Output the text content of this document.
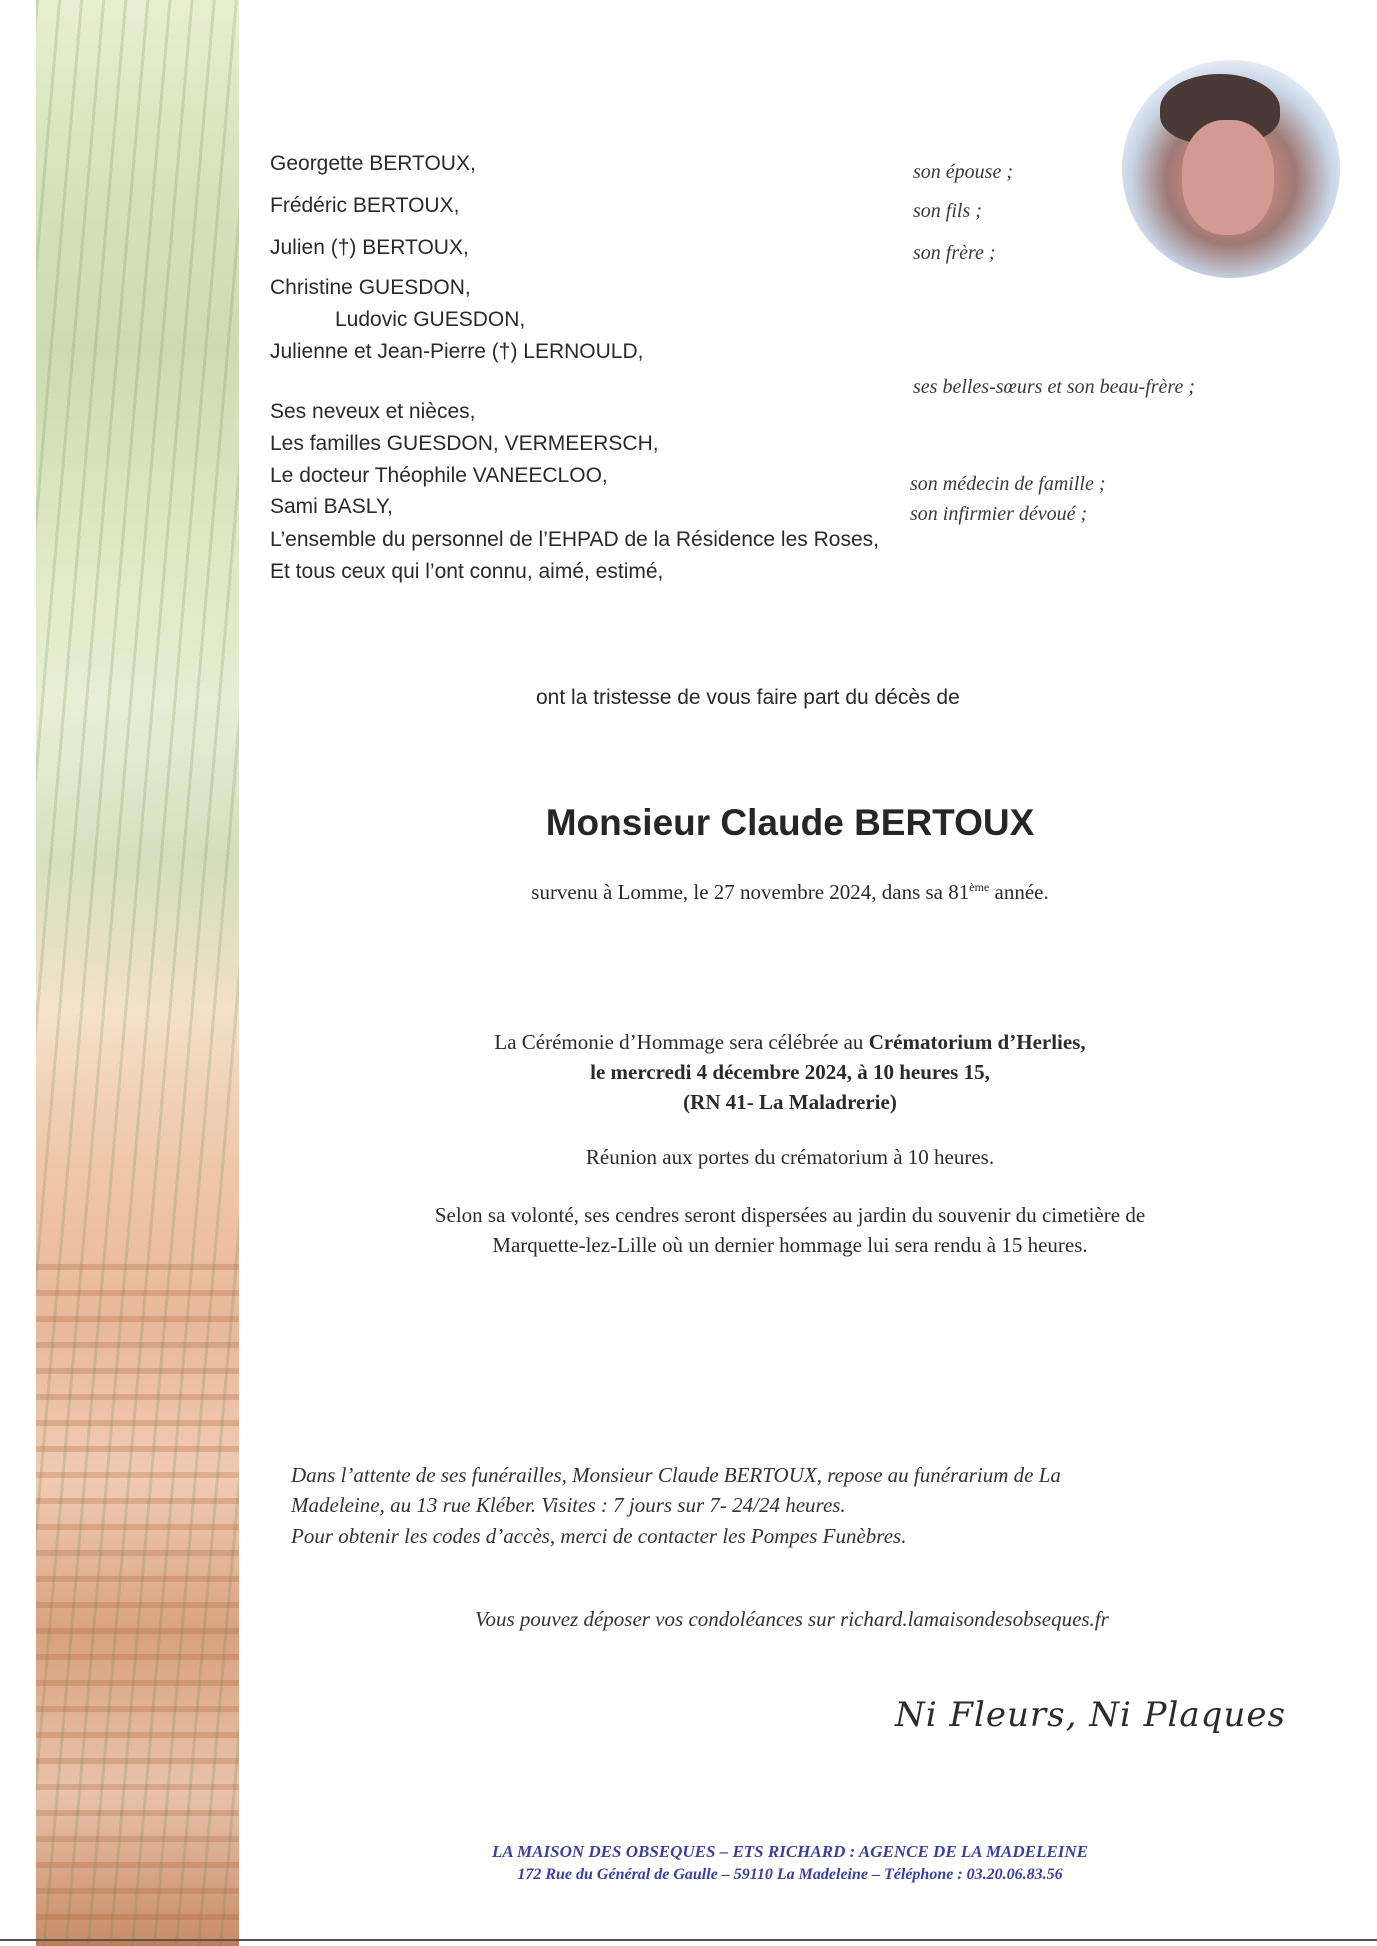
Georgette BERTOUX,	son épouse ;
Frédéric BERTOUX,	son fils ;
Julien (†) BERTOUX,	son frère ;
Christine GUESDON,
Ludovic GUESDON,
Julienne et Jean-Pierre (†) LERNOULD,
ses belles-sœurs et son beau-frère ;
Ses neveux et nièces,
Les familles GUESDON, VERMEERSCH,
Le docteur Théophile VANEECLOO,	son médecin de famille ;
Sami BASLY,	son infirmier dévoué ;
L’ensemble du personnel de l’EHPAD de la Résidence les Roses,
Et tous ceux qui l’ont connu, aimé, estimé,
ont la tristesse de vous faire part du décès de
Monsieur Claude BERTOUX
survenu à Lomme, le 27 novembre 2024, dans sa 81ème année.
La Cérémonie d’Hommage sera célébrée au Crématorium d’Herlies,
le mercredi 4 décembre 2024, à 10 heures 15,
(RN 41- La Maladrerie)
Réunion aux portes du crématorium à 10 heures.
Selon sa volonté, ses cendres seront dispersées au jardin du souvenir du cimetière de
Marquette-lez-Lille où un dernier hommage lui sera rendu à 15 heures.
Dans l’attente de ses funérailles, Monsieur Claude BERTOUX, repose au funérarium de La
Madeleine, au 13 rue Kléber. Visites : 7 jours sur 7- 24/24 heures.
Pour obtenir les codes d’accès, merci de contacter les Pompes Funèbres.
Vous pouvez déposer vos condoléances sur richard.lamaisondesobseques.fr
Ni Fleurs, Ni Plaques
LA MAISON DES OBSEQUES – ETS RICHARD : AGENCE DE LA MADELEINE
172 Rue du Général de Gaulle – 59110 La Madeleine – Téléphone : 03.20.06.83.56
